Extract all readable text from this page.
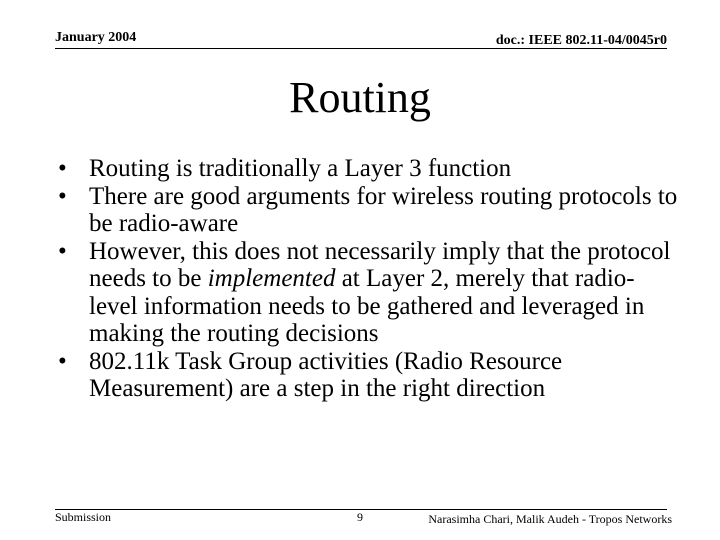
January 2004	doc.: IEEE 802.11-04/0045r0
Routing
• Routing is traditionally a Layer 3 function
• There are good arguments for wireless routing protocols to be radio-aware
• However, this does not necessarily imply that the protocol needs to be implemented at Layer 2, merely that radio-level information needs to be gathered and leveraged in making the routing decisions
• 802.11k Task Group activities (Radio Resource Measurement) are a step in the right direction
Submission	9	Narasimha Chari, Malik Audeh - Tropos Networks
